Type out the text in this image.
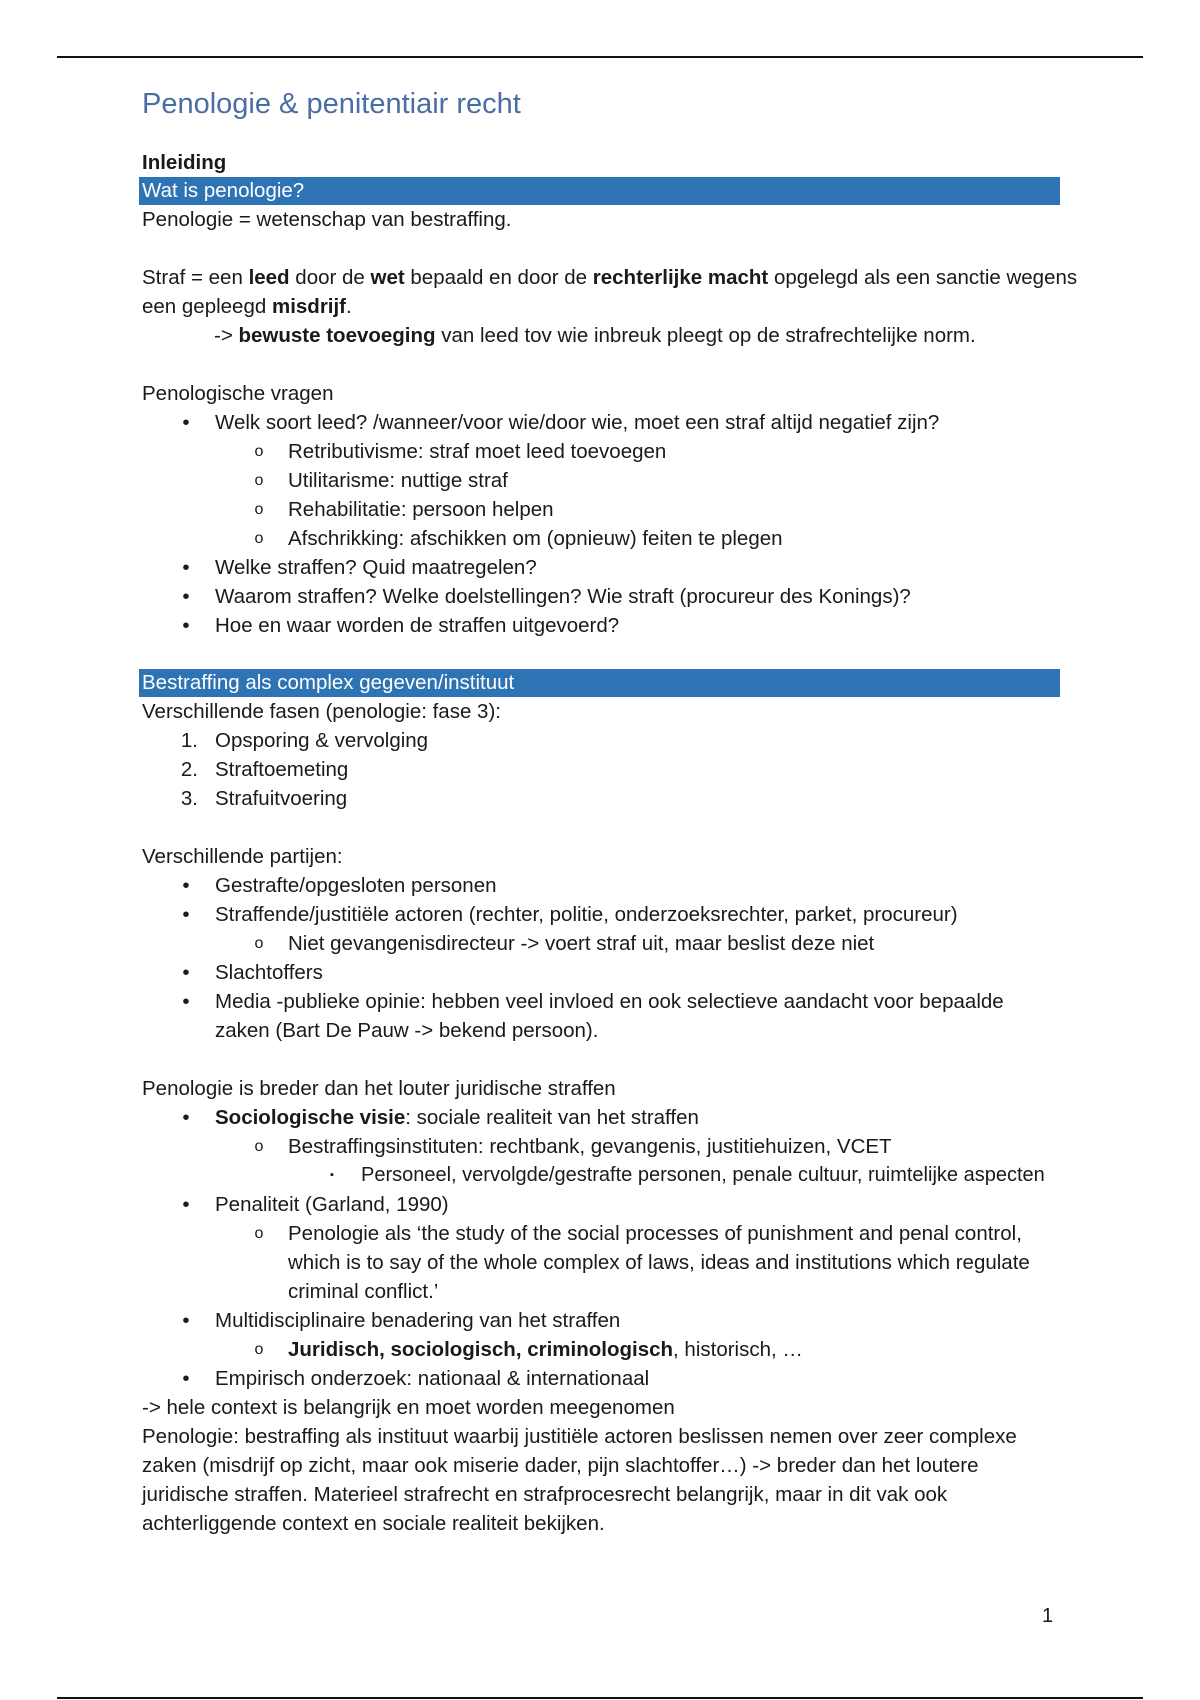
Penologie & penitentiair recht

Inleiding

Wat is penologie?

Penologie = wetenschap van bestraffing.

Straf = een leed door de wet bepaald en door de rechterlijke macht opgelegd als een sanctie wegens een gepleegd misdrijf.

-> bewuste toevoeging van leed tov wie inbreuk pleegt op de strafrechtelijke norm.

Penologische vragen

•	Welk soort leed? /wanneer/voor wie/door wie, moet een straf altijd negatief zijn?
o Retributivisme: straf moet leed toevoegen
o Utilitarisme: nuttige straf
o Rehabilitatie: persoon helpen
o Afschrikking: afschikken om (opnieuw) feiten te plegen
•	Welke straffen? Quid maatregelen?
•	Waarom straffen? Welke doelstellingen? Wie straft (procureur des Konings)?
•	Hoe en waar worden de straffen uitgevoerd?
Bestraffing als complex gegeven/instituut

Verschillende fasen (penologie: fase 3):

1. Opsporing & vervolging
2. Straftoemeting
3. Strafuitvoering

Verschillende partijen:

•	Gestrafte/opgesloten personen
•	Straffende/justitiële actoren (rechter, politie, onderzoeksrechter, parket, procureur)
o Niet gevangenisdirecteur -> voert straf uit, maar beslist deze niet
•	Slachtoffers
•	Media -publieke opinie: hebben veel invloed en ook selectieve aandacht voor bepaalde zaken (Bart De Pauw -> bekend persoon).

Penologie is breder dan het louter juridische straffen

•	Sociologische visie: sociale realiteit van het straffen
o Bestraffingsinstituten: rechtbank, gevangenis, justitiehuizen, VCET
▪	Personeel, vervolgde/gestrafte personen, penale cultuur, ruimtelijke aspecten
•	Penaliteit (Garland, 1990)
o Penologie als ‘the study of the social processes of punishment and penal control, which is to say of the whole complex of laws, ideas and institutions which regulate criminal conflict.’
•	Multidisciplinaire benadering van het straffen
o Juridisch, sociologisch, criminologisch, historisch, …
•	Empirisch onderzoek: nationaal & internationaal

-> hele context is belangrijk en moet worden meegenomen

Penologie: bestraffing als instituut waarbij justitiële actoren beslissen nemen over zeer complexe zaken (misdrijf op zicht, maar ook miserie dader, pijn slachtoffer…) -> breder dan het loutere juridische straffen. Materieel strafrecht en strafprocesrecht belangrijk, maar in dit vak ook achterliggende context en sociale realiteit bekijken.

1
